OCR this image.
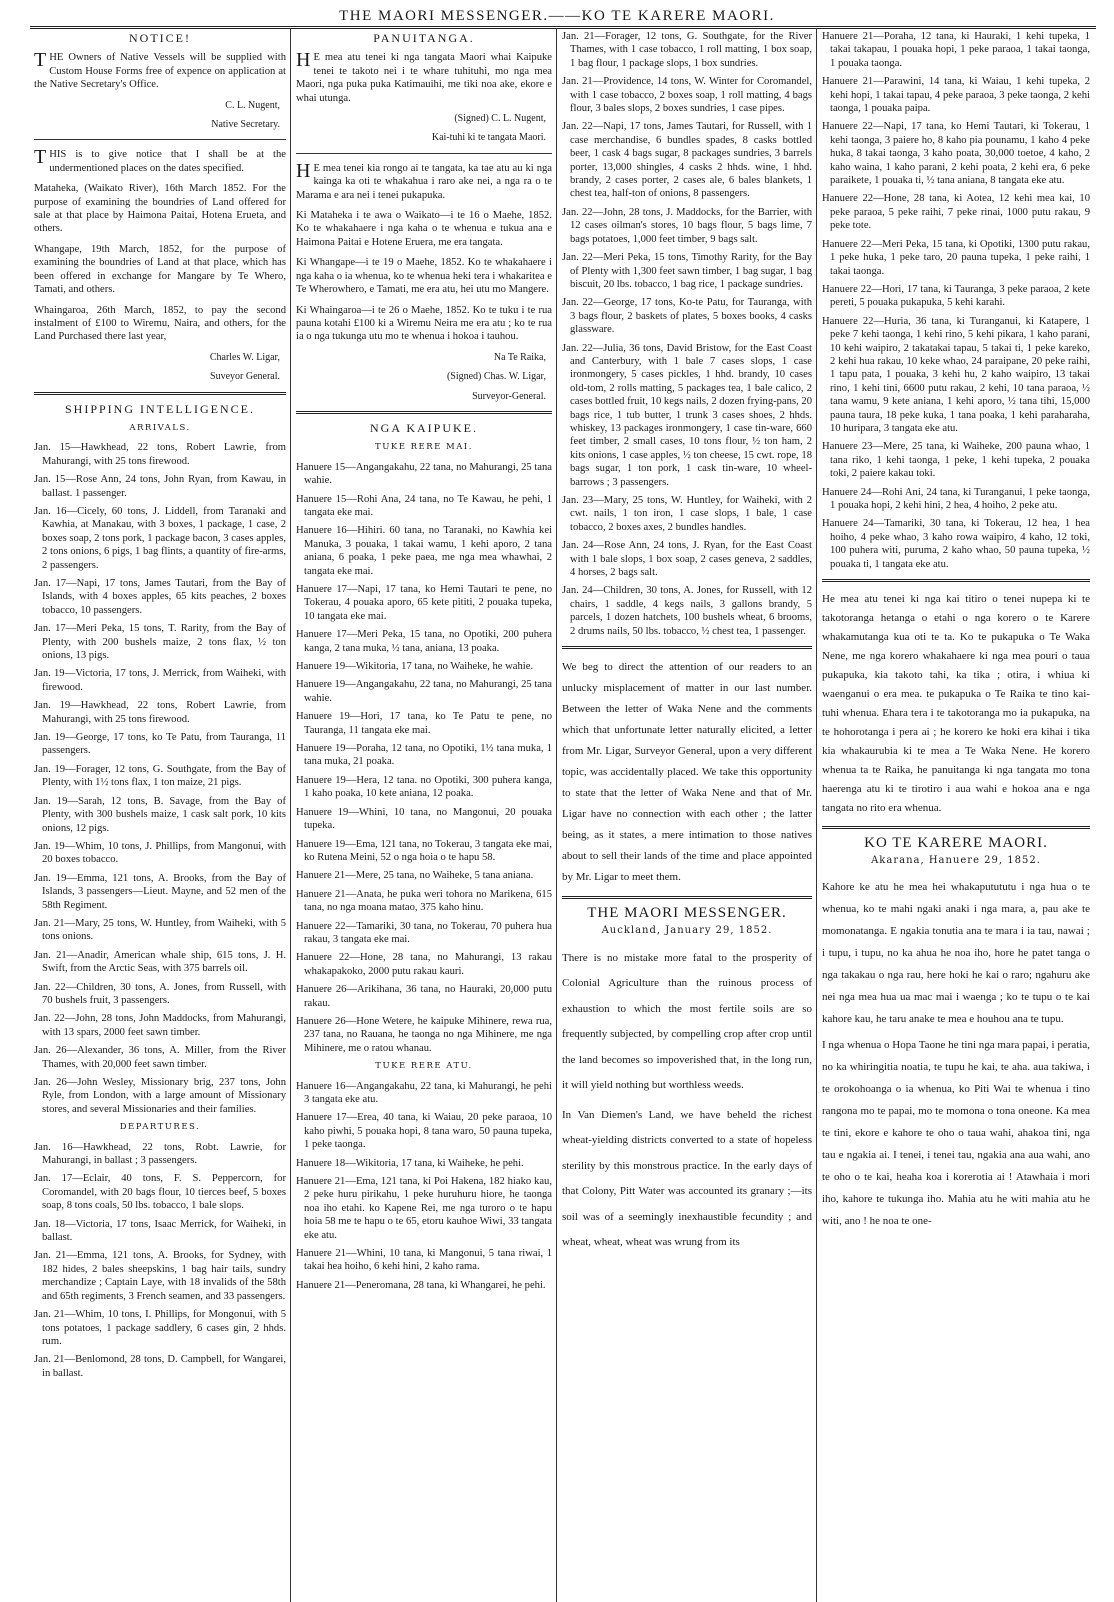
THE MAORI MESSENGER.——KO TE KARERE MAORI.
NOTICE!

THE Owners of Native Vessels will be supplied with Custom House Forms free of expence on application at the Native Secretary's Office.

C. L. Nugent,
Native Secretary.

THIS is to give notice that I shall be at the undermentioned places on the dates specified.

Mataheka, (Waikato River), 16th March 1852. For the purpose of examining the boundries of Land offered for sale at that place by Haimona Paitai, Hotena Erueta, and others.

Whangape, 19th March, 1852, for the purpose of examining the boundries of Land at that place, which has been offered in exchange for Mangare by Te Whero, Tamati, and others.

Whaingaroa, 26th March, 1852, to pay the second instalment of £100 to Wiremu, Naira, and others, for the Land Purchased there last year,

Charles W. Ligar,
Suveyor General.
SHIPPING INTELLIGENCE.
ARRIVALS.

Jan. 15—Hawkhead, 22 tons, Robert Lawrie, from Mahurangi, with 25 tons firewood.

Jan. 15—Rose Ann, 24 tons, John Ryan, from Kawau, in ballast. 1 passenger.

Jan. 16—Cicely, 60 tons, J. Liddell, from Taranaki and Kawhia, at Manakau, with 3 boxes, 1 package, 1 case, 2 boxes soap, 2 tons pork, 1 package bacon, 3 cases apples, 2 tons onions, 6 pigs, 1 bag flints, a quantity of fire-arms, 2 passengers.

Jan. 17—Napi, 17 tons, James Tautari, from the Bay of Islands, with 4 boxes apples, 65 kits peaches, 2 boxes tobacco, 10 passengers.

Jan. 17—Meri Peka, 15 tons, T. Rarity, from the Bay of Plenty, with 200 bushels maize, 2 tons flax, ½ ton onions, 13 pigs.

Jan. 19—Victoria, 17 tons, J. Merrick, from Waiheki, with firewood.

Jan. 19—Hawkhead, 22 tons, Robert Lawrie, from Mahurangi, with 25 tons firewood.

Jan. 19—George, 17 tons, ko Te Patu, from Tauranga, 11 passengers.

Jan. 19—Forager, 12 tons, G. Southgate, from the Bay of Plenty, with 1½ tons flax, 1 ton maize, 21 pigs.

Jan. 19—Sarah, 12 tons, B. Savage, from the Bay of Plenty, with 300 bushels maize, 1 cask salt pork, 10 kits onions, 12 pigs.

Jan. 19—Whim, 10 tons, J. Phillips, from Mangonui, with 20 boxes tobacco.

Jan. 19—Emma, 121 tons, A. Brooks, from the Bay of Islands, 3 passengers—Lieut. Mayne, and 52 men of the 58th Regiment.

Jan. 21—Mary, 25 tons, W. Huntley, from Waiheki, with 5 tons onions.

Jan. 21—Anadir, American whale ship, 615 tons, J. H. Swift, from the Arctic Seas, with 375 barrels oil.

Jan. 22—Children, 30 tons, A. Jones, from Russell, with 70 bushels fruit, 3 passengers.

Jan. 22—John, 28 tons, John Maddocks, from Mahurangi, with 13 spars, 2000 feet sawn timber.

Jan. 26—Alexander, 36 tons, A. Miller, from the River Thames, with 20,000 feet sawn timber.

Jan. 26—John Wesley, Missionary brig, 237 tons, John Ryle, from London, with a large amount of Missionary stores, and several Missionaries and their families.

DEPARTURES.

Jan. 16—Hawkhead, 22 tons, Robt. Lawrie, for Mahurangi, in ballast ; 3 passengers.

Jan. 17—Eclair, 40 tons, F. S. Peppercorn, for Coromandel, with 20 bags flour, 10 tierces beef, 5 boxes soap, 8 tons coals, 50 lbs. tobacco, 1 bale slops.

Jan. 18—Victoria, 17 tons, Isaac Merrick, for Waiheki, in ballast.

Jan. 21—Emma, 121 tons, A. Brooks, for Sydney, with 182 hides, 2 bales sheepskins, 1 bag hair tails, sundry merchandize ; Captain Laye, with 18 invalids of the 58th and 65th regiments, 3 French seamen, and 33 passengers.

Jan. 21—Whim, 10 tons, I. Phillips, for Mongonui, with 5 tons potatoes, 1 package saddlery, 6 cases gin, 2 hhds. rum.

Jan. 21—Benlomond, 28 tons, D. Campbell, for Wangarei, in ballast.

PANUITANGA.

HE mea atu tenei ki nga tangata Maori whai Kaipuke tenei te takoto nei i te whare tuhituhi, mo nga mea Maori, nga puka puka Katimauihi, me tiki noa ake, ekore e whai utunga.

(Signed) C. L. Nugent,
Kai-tuhi ki te tangata Maori.

HE mea tenei kia rongo ai te tangata, ka tae atu au ki nga kainga ka oti te whakahua i raro ake nei, a nga ra o te Marama e ara nei i tenei pukapuka.

Ki Mataheka i te awa o Waikato—i te 16 o Maehe, 1852. Ko te whakahaere i nga kaha o te whenua e tukua ana e Haimona Paitai e Hotene Eruera, me era tangata.

Ki Whangape—i te 19 o Maehe, 1852. Ko te whakahaere i nga kaha o ia whenua, ko te whenua heki tera i whakaritea e Te Wherowhero, e Tamati, me era atu, hei utu mo Mangere.

Ki Whaingaroa—i te 26 o Maehe, 1852. Ko te tuku i te rua pauna kotahi £100 ki a Wiremu Neira me era atu ; ko te rua ia o nga tukunga utu mo te whenua i hokoa i tauhou.

Na Te Raika,
(Signed) Chas. W. Ligar,
Surveyor-General.
NGA KAIPUKE.
TUKE RERE MAI.

Hanuere 15—Angangakahu, 22 tana, no Mahurangi, 25 tana wahie.

Hanuere 15—Rohi Ana, 24 tana, no Te Kawau, he pehi, 1 tangata eke mai.

Hanuere 16—Hihiri. 60 tana, no Taranaki, no Kawhia kei Manuka, 3 pouaka, 1 takai wamu, 1 kehi aporo, 2 tana aniana, 6 poaka, 1 peke paea, me nga mea whawhai, 2 tangata eke mai.

Hanuere 17—Napi, 17 tana, ko Hemi Tautari te pene, no Tokerau, 4 pouaka aporo, 65 kete pititi, 2 pouaka tupeka, 10 tangata eke mai.

Hanuere 17—Meri Peka, 15 tana, no Opotiki, 200 puhera kanga, 2 tana muka, ½ tana, aniana, 13 poaka.

Hanuere 19—Wikitoria, 17 tana, no Waiheke, he wahie.

Hanuere 19—Angangakahu, 22 tana, no Mahurangi, 25 tana wahie.

Hanuere 19—Hori, 17 tana, ko Te Patu te pene, no Tauranga, 11 tangata eke mai.

Hanuere 19—Poraha, 12 tana, no Opotiki, 1½ tana muka, 1 tana muka, 21 poaka.

Hanuere 19—Hera, 12 tana. no Opotiki, 300 puhera kanga, 1 kaho poaka, 10 kete aniana, 12 poaka.

Hanuere 19—Whini, 10 tana, no Mangonui, 20 pouaka tupeka.

Hanuere 19—Ema, 121 tana, no Tokerau, 3 tangata eke mai, ko Rutena Meini, 52 o nga hoia o te hapu 58.

Hanuere 21—Mere, 25 tana, no Waiheke, 5 tana aniana.

Hanuere 21—Anata, he puka weri tohora no Marikena, 615 tana, no nga moana matao, 375 kaho hinu.

Hanuere 22—Tamariki, 30 tana, no Tokerau, 70 puhera hua rakau, 3 tangata eke mai.

Hanuere 22—Hone, 28 tana, no Mahurangi, 13 rakau whakapakoko, 2000 putu rakau kauri.

Hanuere 26—Arikihana, 36 tana, no Hauraki, 20,000 putu rakau.

Hanuere 26—Hone Wetere, he kaipuke Mihinere, rewa rua, 237 tana, no Rauana, he taonga no nga Mihinere, me nga Mihinere, me o ratou whanau.

TUKE RERE ATU.

Hanuere 16—Angangakahu, 22 tana, ki Mahurangi, he pehi 3 tangata eke atu.

Hanuere 17—Erea, 40 tana, ki Waiau, 20 peke paraoa, 10 kaho piwhi, 5 pouaka hopi, 8 tana waro, 50 pauna tupeka, 1 peke taonga.

Hanuere 18—Wikitoria, 17 tana, ki Waiheke, he pehi.

Hanuere 21—Ema, 121 tana, ki Poi Hakena, 182 hiako kau, 2 peke huru pirikahu, 1 peke huruhuru hiore, he taonga noa iho etahi. ko Kapene Rei, me nga turoro o te hapu hoia 58 me te hapu o te 65, etoru kauhoe Wiwi, 33 tangata eke atu.

Hanuere 21—Whini, 10 tana, ki Mangonui, 5 tana riwai, 1 takai hea hoiho, 6 kehi hini, 2 kaho rama.

Hanuere 21—Peneromana, 28 tana, ki Whangarei, he pehi.

Jan. 21—Forager, 12 tons, G. Southgate, for the River Thames, with 1 case tobacco, 1 roll matting, 1 box soap, 1 bag flour, 1 package slops, 1 box sundries.

Jan. 21—Providence, 14 tons, W. Winter for Coromandel, with 1 case tobacco, 2 boxes soap, 1 roll matting, 4 bags flour, 3 bales slops, 2 boxes sundries, 1 case pipes.

Jan. 22—Napi, 17 tons, James Tautari, for Russell, with 1 case merchandise, 6 bundles spades, 8 casks bottled beer, 1 cask 4 bags sugar, 8 packages sundries, 3 barrels porter, 13,000 shingles, 4 casks 2 hhds. wine, 1 hhd. brandy, 2 cases porter, 2 cases ale, 6 bales blankets, 1 chest tea, half-ton of onions, 8 passengers.

Jan. 22—John, 28 tons, J. Maddocks, for the Barrier, with 12 cases oilman's stores, 10 bags flour, 5 bags lime, 7 bags potatoes, 1,000 feet timber, 9 bags salt.

Jan. 22—Meri Peka, 15 tons, Timothy Rarity, for the Bay of Plenty with 1,300 feet sawn timber, 1 bag sugar, 1 bag biscuit, 20 lbs. tobacco, 1 bag rice, 1 package sundries.

Jan. 22—George, 17 tons, Ko-te Patu, for Tauranga, with 3 bags flour, 2 baskets of plates, 5 boxes books, 4 casks glassware.

Jan. 22—Julia, 36 tons, David Bristow, for the East Coast and Canterbury, with 1 bale 7 cases slops, 1 case ironmongery, 5 cases pickles, 1 hhd. brandy, 10 cases old-tom, 2 rolls matting, 5 packages tea, 1 bale calico, 2 cases bottled fruit, 10 kegs nails, 2 dozen frying-pans, 20 bags rice, 1 tub butter, 1 trunk 3 cases shoes, 2 hhds. whiskey, 13 packages ironmongery, 1 case tin-ware, 660 feet timber, 2 small cases, 10 tons flour, ½ ton ham, 2 kits onions, 1 case apples, ½ ton cheese, 15 cwt. rope, 18 bags sugar, 1 ton pork, 1 cask tin-ware, 10 wheel-barrows ; 3 passengers.

Jan. 23—Mary, 25 tons, W. Huntley, for Waiheki, with 2 cwt. nails, 1 ton iron, 1 case slops, 1 bale, 1 case tobacco, 2 boxes axes, 2 bundles handles.

Jan. 24—Rose Ann, 24 tons, J. Ryan, for the East Coast with 1 bale slops, 1 box soap, 2 cases geneva, 2 saddles, 4 horses, 2 bags salt.

Jan. 24—Children, 30 tons, A. Jones, for Russell, with 12 chairs, 1 saddle, 4 kegs nails, 3 gallons brandy, 5 parcels, 1 dozen hatchets, 100 bushels wheat, 6 brooms, 2 drums nails, 50 lbs. tobacco, ½ chest tea, 1 passenger.

We beg to direct the attention of our readers to an unlucky misplacement of matter in our last number. Between the letter of Waka Nene and the comments which that unfortunate letter naturally elicited, a letter from Mr. Ligar, Surveyor General, upon a very different topic, was accidentally placed. We take this opportunity to state that the letter of Waka Nene and that of Mr. Ligar have no connection with each other ; the latter being, as it states, a mere intimation to those natives about to sell their lands of the time and place appointed by Mr. Ligar to meet them.

THE MAORI MESSENGER.
Auckland, January 29, 1852.

There is no mistake more fatal to the prosperity of Colonial Agriculture than the ruinous process of exhaustion to which the most fertile soils are so frequently subjected, by compelling crop after crop until the land becomes so impoverished that, in the long run, it will yield nothing but worthless weeds.

In Van Diemen's Land, we have beheld the richest wheat-yielding districts converted to a state of hopeless sterility by this monstrous practice. In the early days of that Colony, Pitt Water was accounted its granary ;—its soil was of a seemingly inexhaustible fecundity ; and wheat, wheat, wheat was wrung from its

Hanuere 21—Poraha, 12 tana, ki Hauraki, 1 kehi tupeka, 1 takai takapau, 1 pouaka hopi, 1 peke paraoa, 1 takai taonga, 1 pouaka taonga.

Hanuere 21—Parawini, 14 tana, ki Waiau, 1 kehi tupeka, 2 kehi hopi, 1 takai tapau, 4 peke paraoa, 3 peke taonga, 2 kehi taonga, 1 pouaka paipa.

Hanuere 22—Napi, 17 tana, ko Hemi Tautari, ki Tokerau, 1 kehi taonga, 3 paiere ho, 8 kaho pia pounamu, 1 kaho 4 peke huka, 8 takai taonga, 3 kaho poata, 30,000 toetoe, 4 kaho, 2 kaho waina, 1 kaho parani, 2 kehi poata, 2 kehi era, 6 peke paraikete, 1 pouaka ti, ½ tana aniana, 8 tangata eke atu.

Hanuere 22—Hone, 28 tana, ki Aotea, 12 kehi mea kai, 10 peke paraoa, 5 peke raihi, 7 peke rinai, 1000 putu rakau, 9 peke tote.

Hanuere 22—Meri Peka, 15 tana, ki Opotiki, 1300 putu rakau, 1 peke huka, 1 peke taro, 20 pauna tupeka, 1 peke raihi, 1 takai taonga.

Hanuere 22—Hori, 17 tana, ki Tauranga, 3 peke paraoa, 2 kete pereti, 5 pouaka pukapuka, 5 kehi karahi.

Hanuere 22—Huria, 36 tana, ki Turanganui, ki Katapere, 1 peke 7 kehi taonga, 1 kehi rino, 5 kehi pikara, 1 kaho parani, 10 kehi waipiro, 2 takatakai tapau, 5 takai ti, 1 peke kareko, 2 kehi hua rakau, 10 keke whao, 24 paraipane, 20 peke raihi, 1 tapu pata, 1 pouaka, 3 kehi hu, 2 kaho waipiro, 13 takai rino, 1 kehi tini, 6600 putu rakau, 2 kehi, 10 tana paraoa, ½ tana wamu, 9 kete aniana, 1 kehi aporo, ½ tana tihi, 15,000 pauna taura, 18 peke kuka, 1 tana poaka, 1 kehi paraharaha, 10 huripara, 3 tangata eke atu.

Hanuere 23—Mere, 25 tana, ki Waiheke, 200 pauna whao, 1 tana riko, 1 kehi taonga, 1 peke, 1 kehi tupeka, 2 pouaka toki, 2 paiere kakau toki.

Hanuere 24—Rohi Ani, 24 tana, ki Turanganui, 1 peke taonga, 1 pouaka hopi, 2 kehi hini, 2 hea, 4 hoiho, 2 peke atu.

Hanuere 24—Tamariki, 30 tana, ki Tokerau, 12 hea, 1 hea hoiho, 4 peke whao, 3 kaho rowa waipiro, 4 kaho, 12 toki, 100 puhera witi, puruma, 2 kaho whao, 50 pauna tupeka, ½ pouaka ti, 1 tangata eke atu.

He mea atu tenei ki nga kai titiro o tenei nupepa ki te takotoranga hetanga o etahi o nga korero o te Karere whakamutanga kua oti te ta. Ko te pukapuka o Te Waka Nene, me nga korero whakahaere ki nga mea pouri o taua pukapuka, kia takoto tahi, ka tika ; otira, i whiua ki waenganui o era mea. te pukapuka o Te Raika te tino kai-tuhi whenua. Ehara tera i te takotoranga mo ia pukapuka, na te hohorotanga i pera ai ; he korero ke hoki era kihai i tika kia whakaurubia ki te mea a Te Waka Nene. He korero whenua ta te Raika, he panuitanga ki nga tangata mo tona haerenga atu ki te tirotiro i aua wahi e hokoa ana e nga tangata no rito era whenua.

KO TE KARERE MAORI.
Akarana, Hanuere 29, 1852.

Kahore ke atu he mea hei whakaputututu i nga hua o te whenua, ko te mahi ngaki anaki i nga mara, a, pau ake te momonatanga. E ngakia tonutia ana te mara i ia tau, nawai ; i tupu, i tupu, no ka ahua he noa iho, hore he patet tanga o nga takakau o nga rau, here hoki he kai o raro; ngahuru ake nei nga mea hua ua mac mai i waenga ; ko te tupu o te kai kahore kau, he taru anake te mea e houhou ana te tupu.

I nga whenua o Hopa Taone he tini nga mara papai, i peratia, no ka whiringitia noatia, te tupu he kai, te aha. aua takiwa, i te orokohoanga o ia whenua, ko Piti Wai te whenua i tino rangona mo te papai, mo te momona o tona oneone. Ka mea te tini, ekore e kahore te oho o taua wahi, ahakoa tini, nga tau e ngakia ai. I tenei, i tenei tau, ngakia ana aua wahi, ano te oho o te kai, heaha koa i korerotia ai ! Atawhaia i mori iho, kahore te tukunga iho. Mahia atu he witi mahia atu he witi, ano ! he noa te one-
